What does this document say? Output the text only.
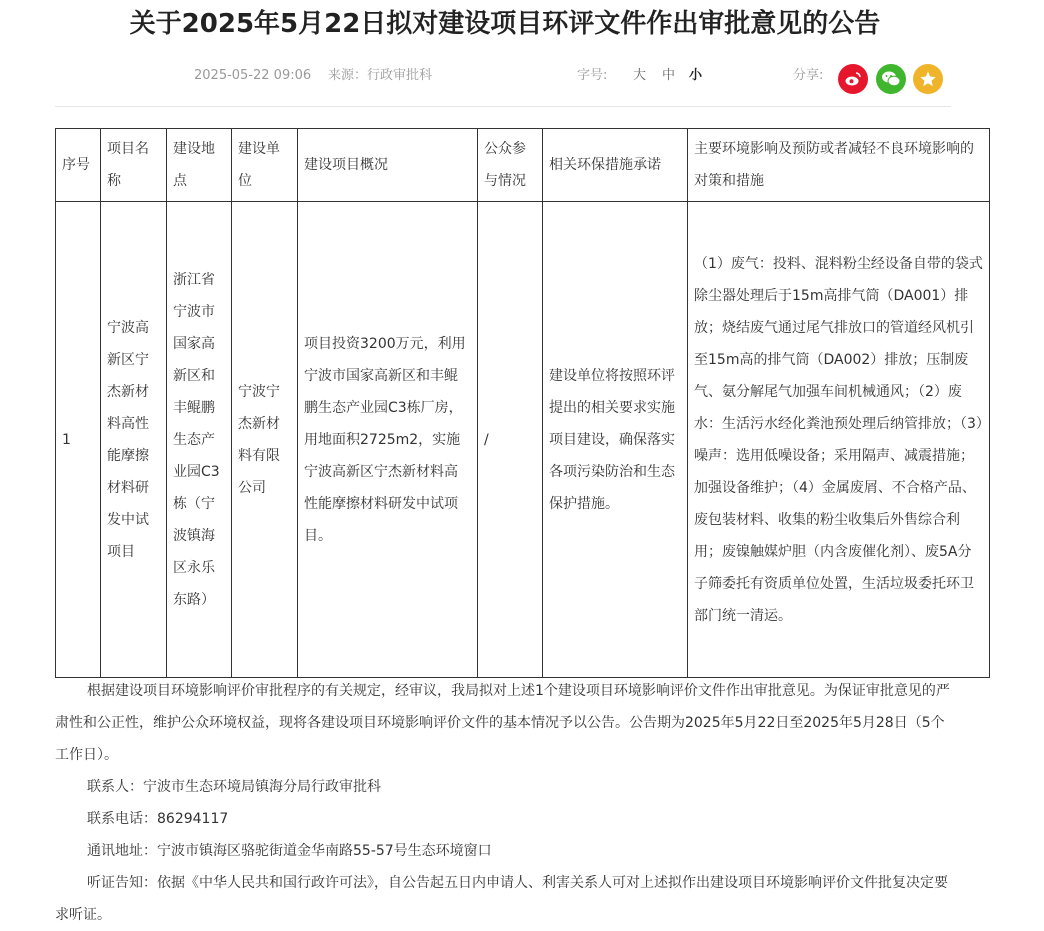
关于2025年5月22日拟对建设项目环评文件作出审批意见的公告
2025-05-22 09:06 来源：行政审批科	字号: 大 中 小	分享:
序号	项目名称	建设地点	建设单位	建设项目概况	公众参与情况	相关环保措施承诺	主要环境影响及预防或者减轻不良环境影响的对策和措施
1	宁波高新区宁杰新材料高性能摩擦材料研发中试项目	浙江省宁波市国家高新区和丰鲲鹏生态产业园C3栋（宁波镇海区永乐东路）	宁波宁杰新材料有限公司	项目投资3200万元，利用宁波市国家高新区和丰鲲鹏生态产业园C3栋厂房，用地面积2725m2，实施宁波高新区宁杰新材料高性能摩擦材料研发中试项目。	/	建设单位将按照环评提出的相关要求实施项目建设，确保落实各项污染防治和生态保护措施。	（1）废气：投料、混料粉尘经设备自带的袋式除尘器处理后于15m高排气筒（DA001）排放；烧结废气通过尾气排放口的管道经风机引至15m高的排气筒（DA002）排放；压制废气、氨分解尾气加强车间机械通风；（2）废水：生活污水经化粪池预处理后纳管排放；（3）噪声：选用低噪设备；采用隔声、减震措施；加强设备维护；（4）金属废屑、不合格产品、废包装材料、收集的粉尘收集后外售综合利用；废镍触媒炉胆（内含废催化剂）、废5A分子筛委托有资质单位处置，生活垃圾委托环卫部门统一清运。
根据建设项目环境影响评价审批程序的有关规定，经审议，我局拟对上述1个建设项目环境影响评价文件作出审批意见。为保证审批意见的严肃性和公正性，维护公众环境权益，现将各建设项目环境影响评价文件的基本情况予以公告。公告期为2025年5月22日至2025年5月28日（5个工作日）。
联系人：宁波市生态环境局镇海分局行政审批科
联系电话：86294117
通讯地址：宁波市镇海区骆驼街道金华南路55-57号生态环境窗口
听证告知：依据《中华人民共和国行政许可法》，自公告起五日内申请人、利害关系人可对上述拟作出建设项目环境影响评价文件批复决定要求听证。
